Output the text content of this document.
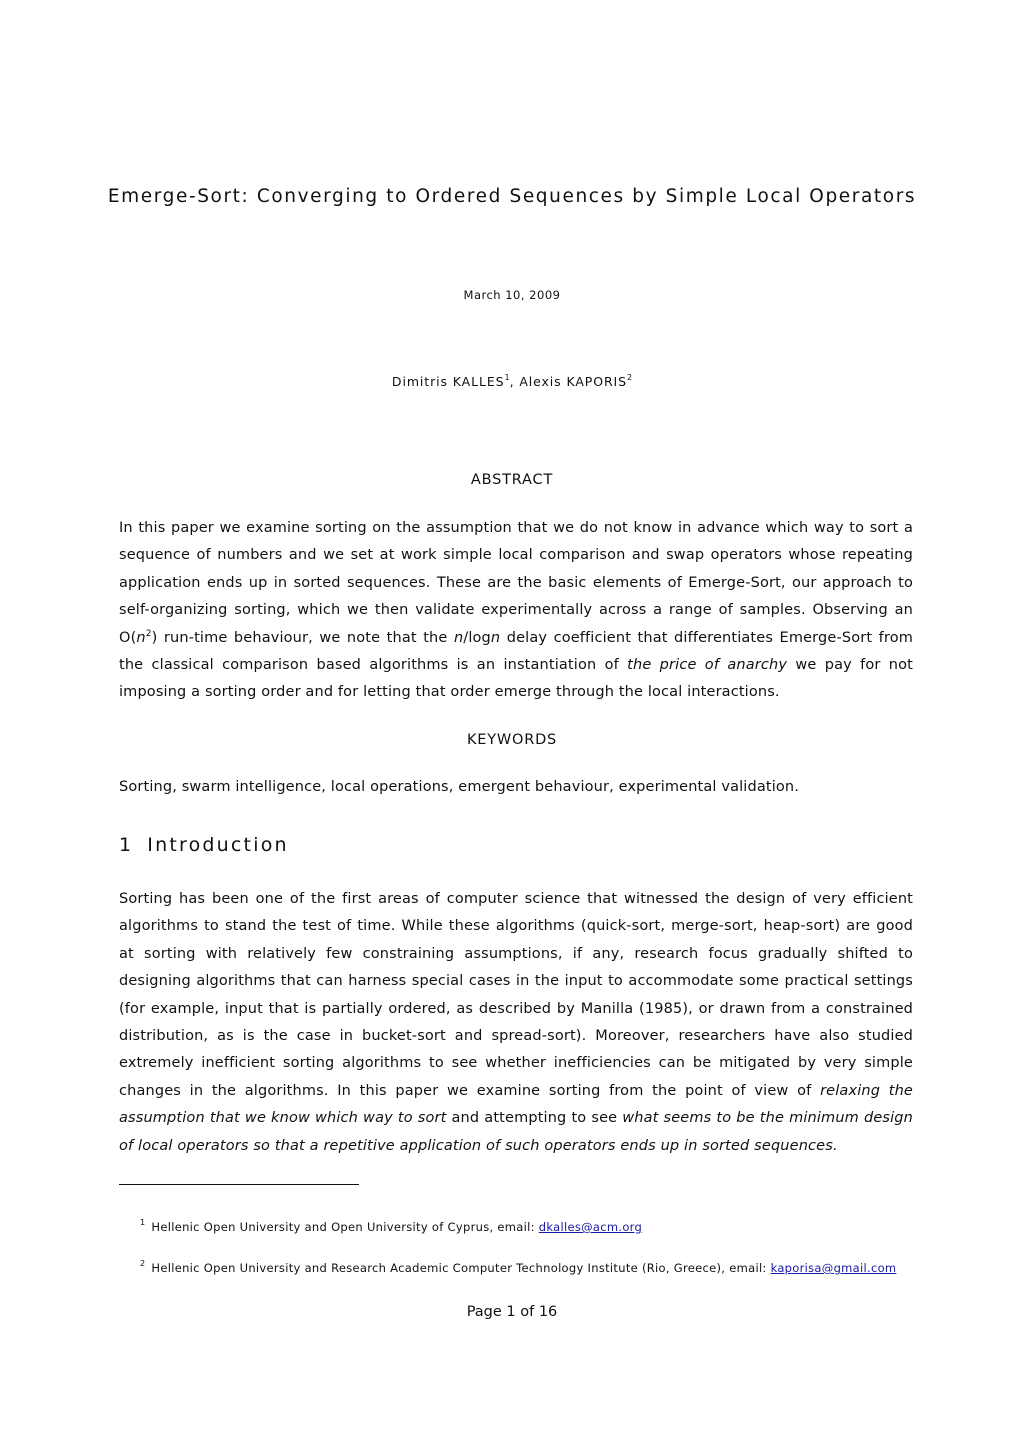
Emerge-Sort: Converging to Ordered Sequences by Simple Local Operators
March 10, 2009
Dimitris KALLES$^1$, Alexis KAPORIS$^2$
ABSTRACT
In this paper we examine sorting on the assumption that we do not know in advance which way to sort a sequence of numbers and we set at work simple local comparison and swap operators whose repeating application ends up in sorted sequences. These are the basic elements of Emerge-Sort, our approach to self-organizing sorting, which we then validate experimentally across a range of samples. Observing an $O(n^2)$ run-time behaviour, we note that the n/logn delay coefficient that differentiates Emerge-Sort from the classical comparison based algorithms is an instantiation of the price of anarchy we pay for not imposing a sorting order and for letting that order emerge through the local interactions.
KEYWORDS
Sorting, swarm intelligence, local operations, emergent behaviour, experimental validation.
1 Introduction
Sorting has been one of the first areas of computer science that witnessed the design of very efficient algorithms to stand the test of time. While these algorithms (quick-sort, merge-sort, heap-sort) are good at sorting with relatively few constraining assumptions, if any, research focus gradually shifted to designing algorithms that can harness special cases in the input to accommodate some practical settings (for example, input that is partially ordered, as described by Manilla (1985), or drawn from a constrained distribution, as is the case in bucket-sort and spread-sort). Moreover, researchers have also studied extremely inefficient sorting algorithms to see whether inefficiencies can be mitigated by very simple changes in the algorithms. In this paper we examine sorting from the point of view of relaxing the assumption that we know which way to sort and attempting to see what seems to be the minimum design of local operators so that a repetitive application of such operators ends up in sorted sequences.
$^1$ Hellenic Open University and Open University of Cyprus, email: dkalles@acm.org
$^2$ Hellenic Open University and Research Academic Computer Technology Institute (Rio, Greece), email: kaporisa@gmail.com
Page 1 of 16
